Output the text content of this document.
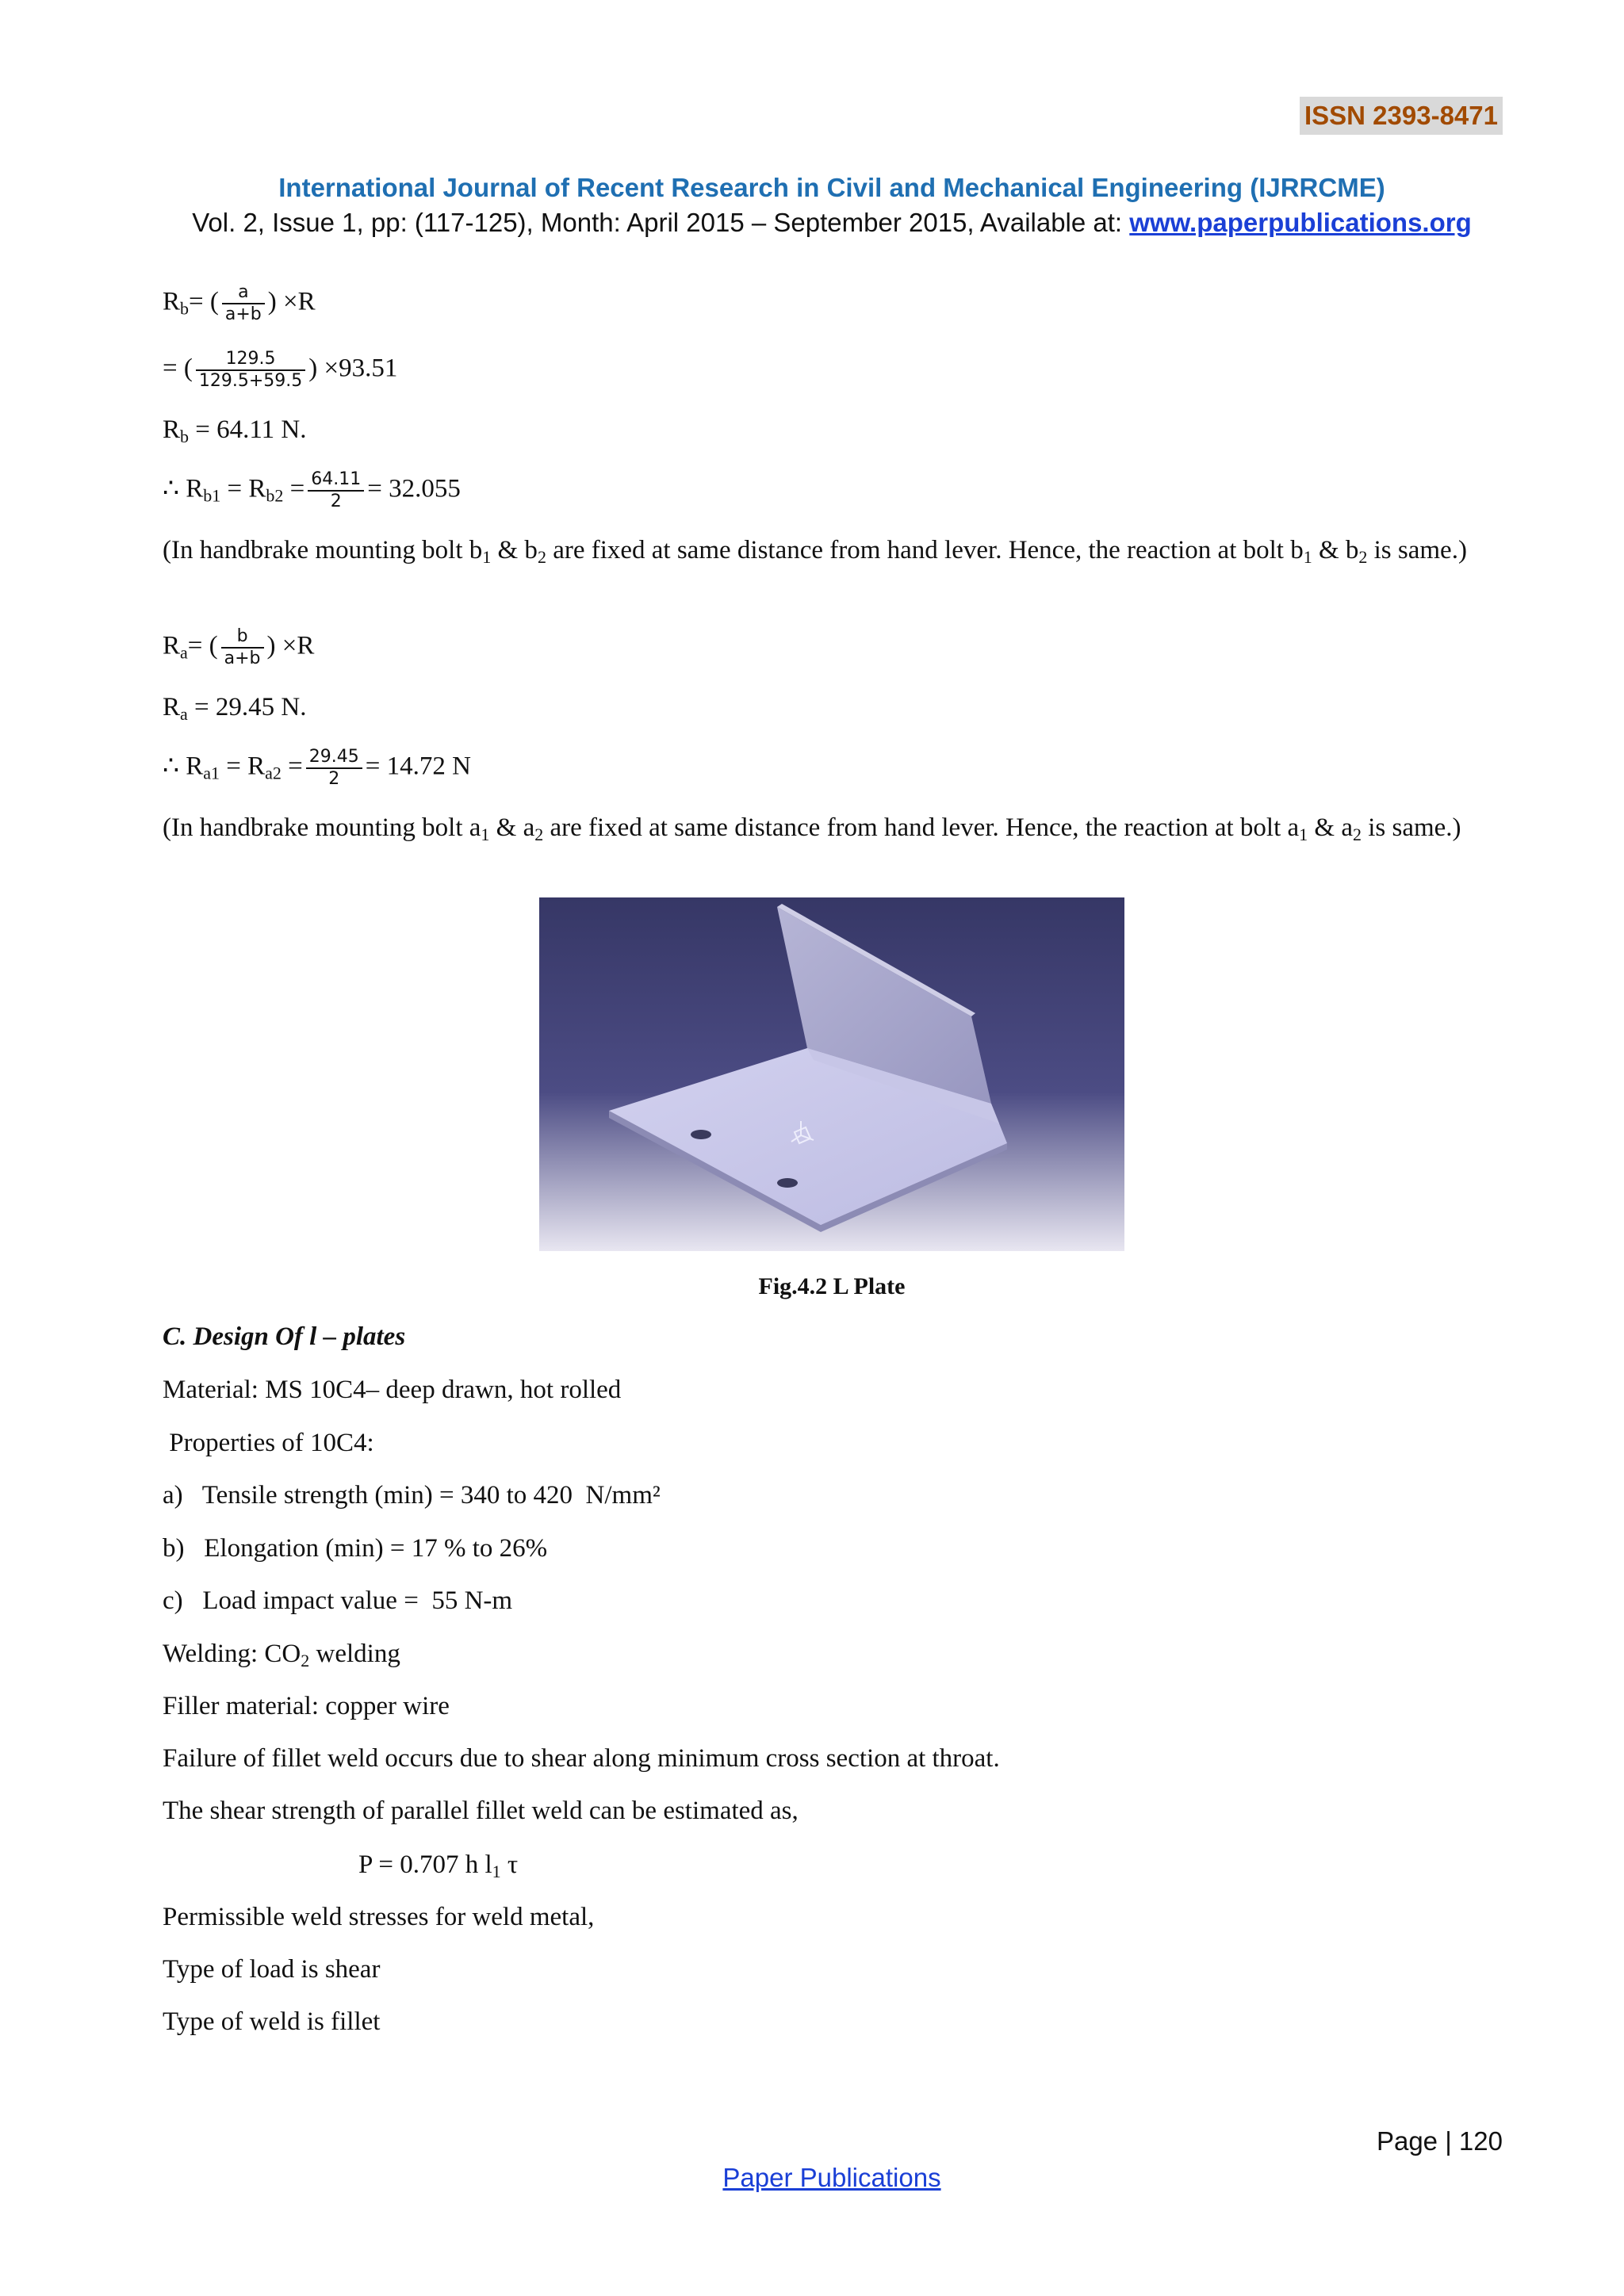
ISSN 2393-8471
International Journal of Recent Research in Civil and Mechanical Engineering (IJRRCME)
Vol. 2, Issue 1, pp: (117-125), Month: April 2015 – September 2015, Available at: www.paperpublications.org
$R_b=$ ( $\frac{a}{a+b}$ ) ×R
= ( $\frac{129.5}{129.5+59.5}$ ) ×93.51
$R_b = 64.11$ N.
∴ $R_{b1} = R_{b2} = \frac{64.11}{2} = 32.055$
(In handbrake mounting bolt $b_1$ & $b_2$ are fixed at same distance from hand lever. Hence, the reaction at bolt $b_1$ & $b_2$ is same.)
$R_a=$ ( $\frac{b}{a+b}$ ) ×R
$R_a = 29.45$ N.
∴ $R_{a1} = R_{a2} = \frac{29.45}{2} = 14.72$ N
(In handbrake mounting bolt $a_1$ & $a_2$ are fixed at same distance from hand lever. Hence, the reaction at bolt $a_1$ & $a_2$ is same.)
Fig.4.2 L Plate
C. Design Of l – plates
Material: MS 10C4– deep drawn, hot rolled
Properties of 10C4:
a)   Tensile strength (min) = 340 to 420  N/mm²
b)   Elongation (min) = 17 % to 26%
c)   Load impact value =  55 N-m
Welding: $CO_2$ welding
Filler material: copper wire
Failure of fillet weld occurs due to shear along minimum cross section at throat.
The shear strength of parallel fillet weld can be estimated as,
P = 0.707 h $l_1$ τ
Permissible weld stresses for weld metal,
Type of load is shear
Type of weld is fillet
Page | 120
Paper Publications
